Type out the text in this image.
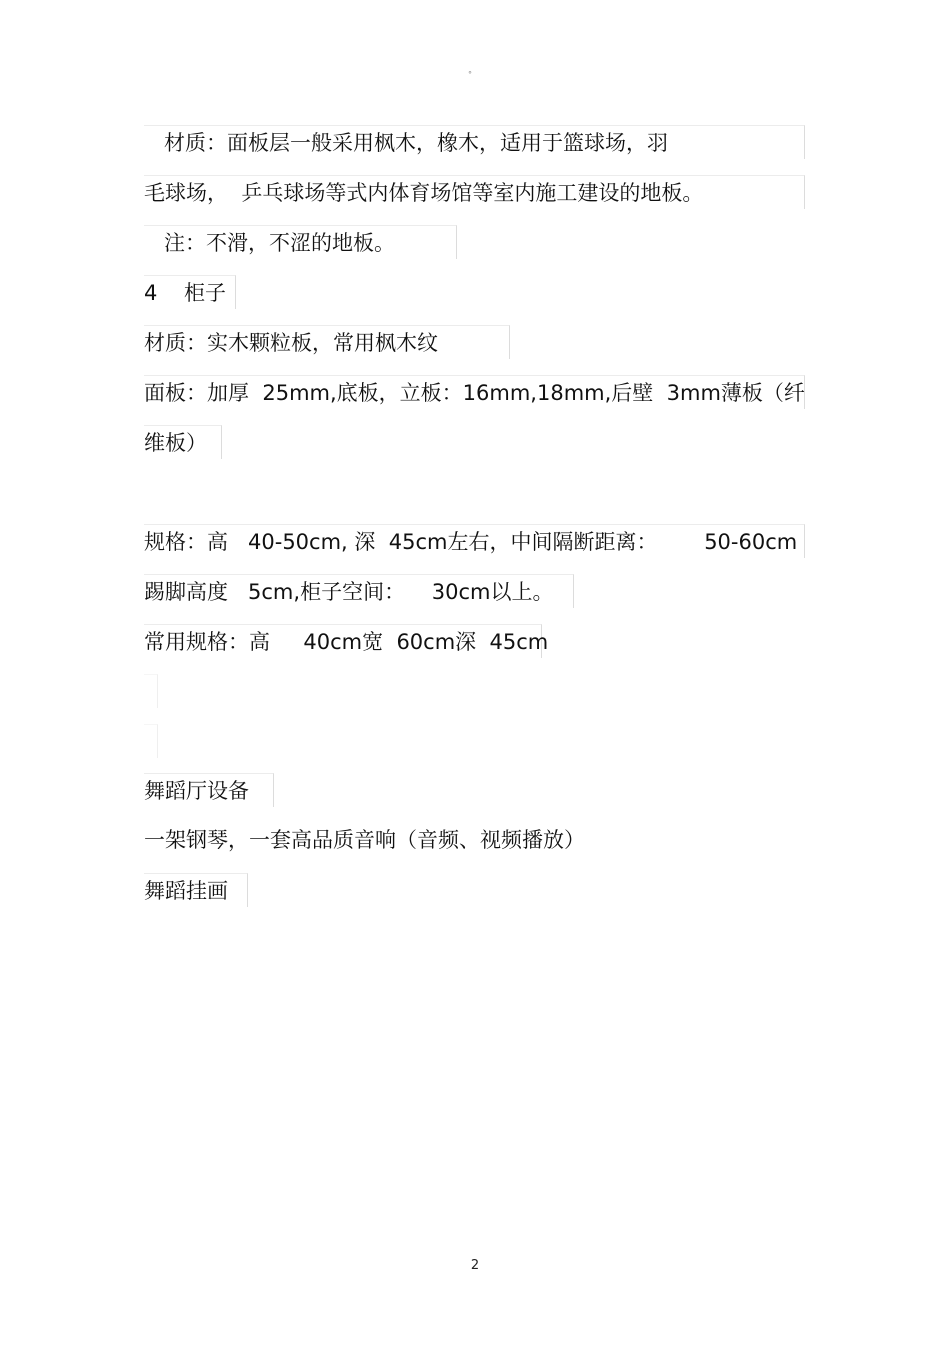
°
材质：面板层一般采用枫木，橡木，适用于篮球场，羽
毛球场，  乒乓球场等式内体育场馆等室内施工建设的地板。
注：不滑，不涩的地板。
4    柜子
材质：实木颗粒板，常用枫木纹
面板：加厚  25mm,底板，立板：16mm,18mm,后壁  3mm薄板（纤
维板）
规格：高   40-50cm, 深  45cm左右，中间隔断距离：       50-60cm
踢脚高度   5cm,柜子空间：    30cm以上。
常用规格：高     40cm宽  60cm深  45cm
舞蹈厅设备
一架钢琴，一套高品质音响（音频、视频播放）
舞蹈挂画
2
